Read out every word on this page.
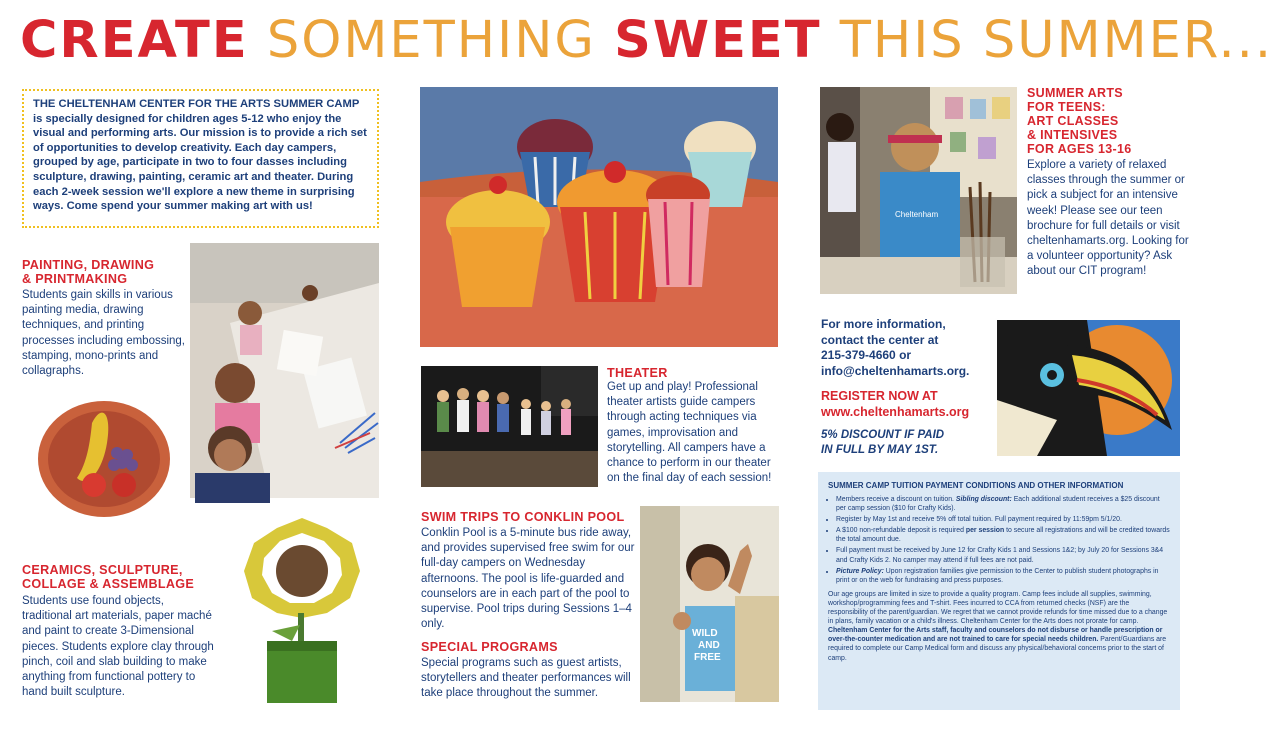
CREATE SOMETHING SWEET THIS SUMMER...
THE CHELTENHAM CENTER FOR THE ARTS SUMMER CAMP is specially designed for children ages 5-12 who enjoy the visual and performing arts. Our mission is to provide a rich set of opportunities to develop creativity. Each day campers, grouped by age, participate in two to four dasses including sculpture, drawing, painting, ceramic art and theater. During each 2-week session we'll explore a new theme in surprising ways. Come spend your summer making art with us!
PAINTING, DRAWING
& PRINTMAKING
Students gain skills in various painting media, drawing techniques, and printing processes including embossing, stamping, mono-prints and collagraphs.
CERAMICS, SCULPTURE,
COLLAGE & ASSEMBLAGE
Students use found objects, traditional art materials, paper maché and paint to create 3-Dimensional pieces. Students explore clay through pinch, coil and slab building to make anything from functional pottery to hand built sculpture.
THEATER
Get up and play! Professional theater artists guide campers through acting techniques via games, improvisation and storytelling. All campers have a chance to perform in our theater on the final day of each session!
SWIM TRIPS TO CONKLIN POOL
Conklin Pool is a 5-minute bus ride away, and provides supervised free swim for our full-day campers on Wednesday afternoons. The pool is life-guarded and counselors are in each part of the pool to supervise. Pool trips during Sessions 1–4 only.
SPECIAL PROGRAMS
Special programs such as guest artists, storytellers and theater performances will take place throughout the summer.
WILD
AND
FREE
Cheltenham
SUMMER ARTS
FOR TEENS:
ART CLASSES
& INTENSIVES
FOR AGES 13-16
Explore a variety of relaxed classes through the summer or pick a subject for an intensive week! Please see our teen brochure for full details or visit cheltenhamarts.org. Looking for a volunteer opportunity? Ask about our CIT program!
For more information,
contact the center at
215-379-4660 or
info@cheltenhamarts.org.
REGISTER NOW AT
www.cheltenhamarts.org
5% DISCOUNT IF PAID
IN FULL BY MAY 1ST.
SUMMER CAMP TUITION PAYMENT CONDITIONS AND OTHER INFORMATION
• Members receive a discount on tuition. Sibling discount: Each additional student receives a $25 discount per camp session ($10 for Crafty Kids).
• Register by May 1st and receive 5% off total tuition. Full payment required by 11:59pm 5/1/20.
• A $100 non-refundable deposit is required per session to secure all registrations and will be credited towards the total amount due.
• Full payment must be received by June 12 for Crafty Kids 1 and Sessions 1&2; by July 20 for Sessions 3&4 and Crafty Kids 2. No camper may attend if full fees are not paid.
• Picture Policy: Upon registration families give permission to the Center to publish student photographs in print or on the web for fundraising and press purposes.
Our age groups are limited in size to provide a quality program. Camp fees include all supplies, swimming, workshop/programming fees and T-shirt. Fees incurred to CCA from returned checks (NSF) are the responsibility of the parent/guardian. We regret that we cannot provide refunds for time missed due to a change in plans, family vacation or a child's illness. Cheltenham Center for the Arts does not prorate for camp. Cheltenham Center for the Arts staff, faculty and counselors do not disburse or handle prescription or over-the-counter medication and are not trained to care for special needs children. Parent/Guardians are required to complete our Camp Medical form and discuss any physical/behavioral concerns prior to the start of camp.
